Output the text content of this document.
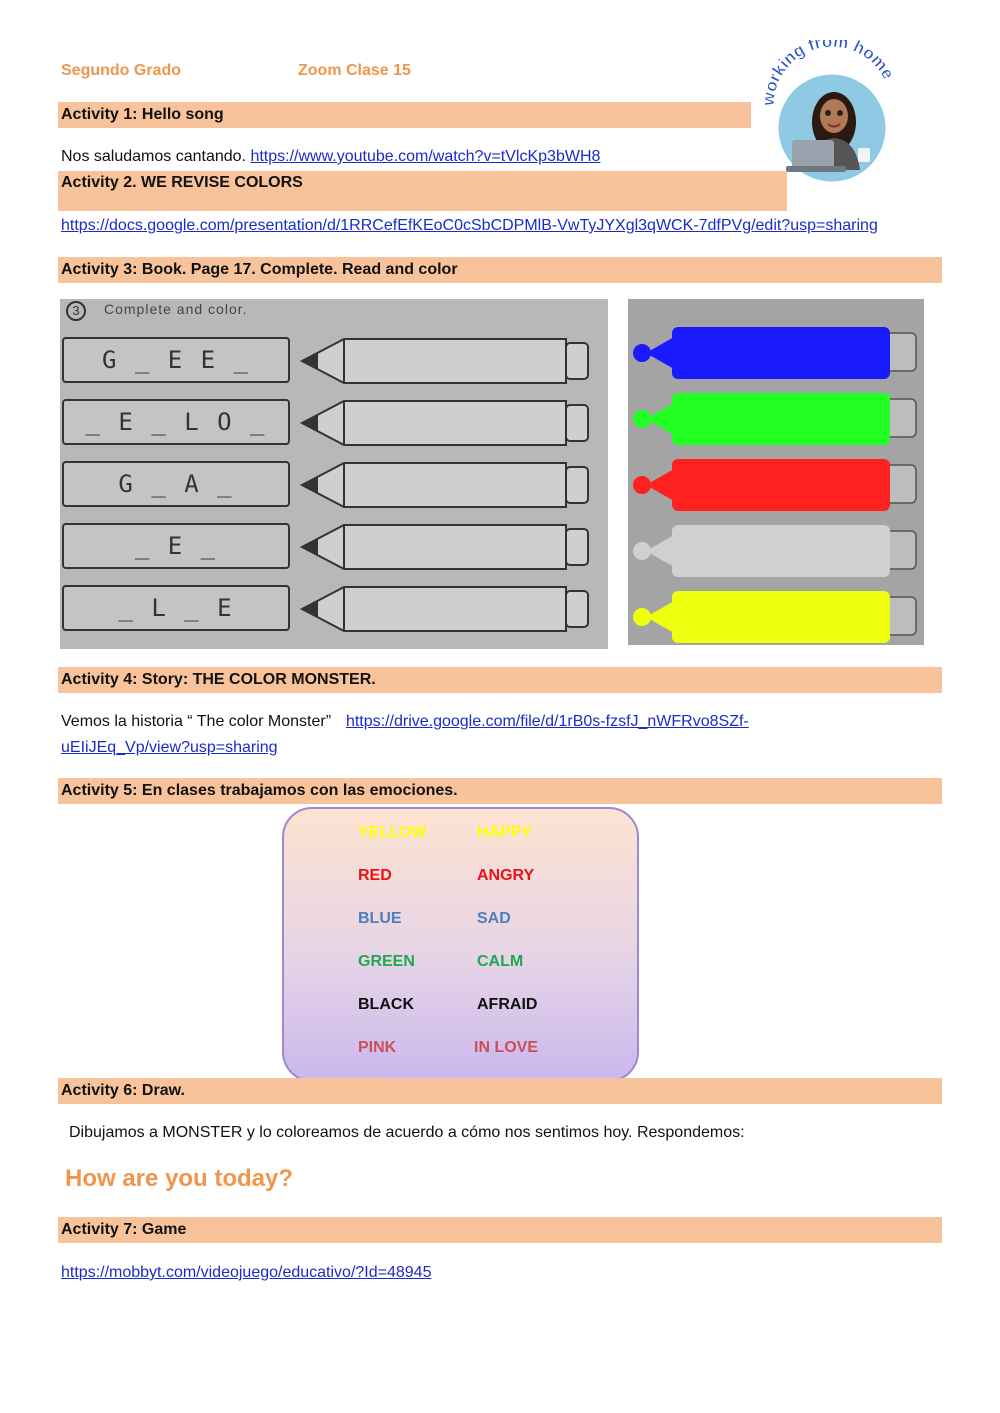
Segundo Grado	Zoom Clase 15
orking from home
Activity 1: Hello song
Nos saludamos cantando. https://www.youtube.com/watch?v=tVlcKp3bWH8
Activity 2. WE REVISE COLORS
https://docs.google.com/presentation/d/1RRCefEfKEoC0cSbCDPMlB-VwTyJYXgl3qWCK-7dfPVg/edit?usp=sharing
Activity 3: Book. Page 17. Complete. Read and color
3	Complete and color.
G _ E E _
_ E _ L O _
G _ A _
_ E _
_ L _ E
Activity 4: Story: THE COLOR MONSTER.
Vemos la historia “ The color Monster” https://drive.google.com/file/d/1rB0s-fzsfJ_nWFRvo8SZf-
uEIiJEq_Vp/view?usp=sharing
Activity 5: En clases trabajamos con las emociones.
YELLOW	HAPPY
RED	ANGRY
BLUE	SAD
GREEN	CALM
BLACK	AFRAID
PINK	IN LOVE
Activity 6: Draw.
Dibujamos a MONSTER y lo coloreamos de acuerdo a cómo nos sentimos hoy. Respondemos:
How are you today?
Activity 7: Game
https://mobbyt.com/videojuego/educativo/?Id=48945
